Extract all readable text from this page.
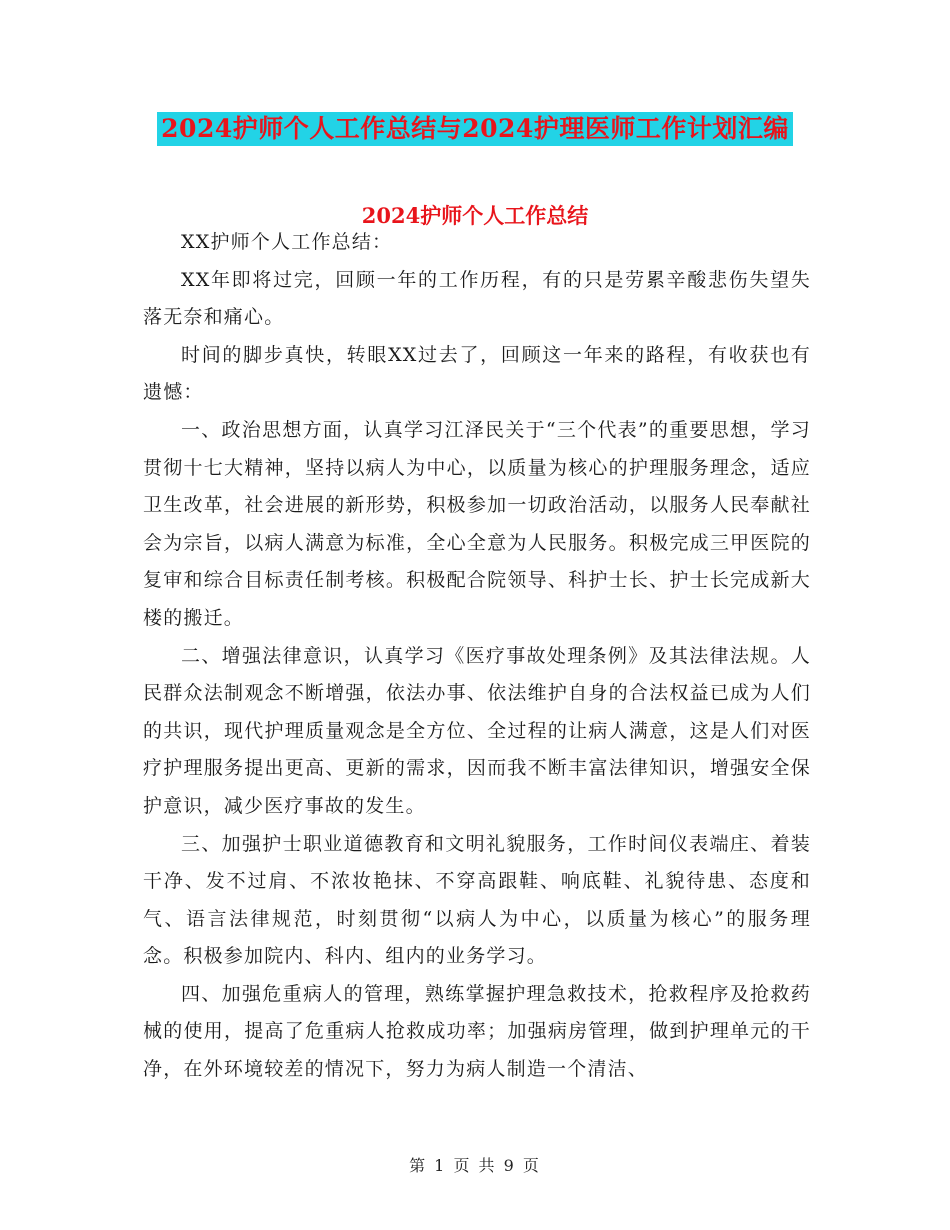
2024护师个人工作总结与2024护理医师工作计划汇编
2024护师个人工作总结

XX护师个人工作总结：

XX年即将过完，回顾一年的工作历程，有的只是劳累辛酸悲伤失望失落无奈和痛心。

时间的脚步真快，转眼XX过去了，回顾这一年来的路程，有收获也有遗憾：

一、政治思想方面，认真学习江泽民关于“三个代表”的重要思想，学习贯彻十七大精神，坚持以病人为中心，以质量为核心的护理服务理念，适应卫生改革，社会进展的新形势，积极参加一切政治活动，以服务人民奉献社会为宗旨，以病人满意为标准，全心全意为人民服务。积极完成三甲医院的复审和综合目标责任制考核。积极配合院领导、科护士长、护士长完成新大楼的搬迁。

二、增强法律意识，认真学习《医疗事故处理条例》及其法律法规。人民群众法制观念不断增强，依法办事、依法维护自身的合法权益已成为人们的共识，现代护理质量观念是全方位、全过程的让病人满意，这是人们对医疗护理服务提出更高、更新的需求，因而我不断丰富法律知识，增强安全保护意识，减少医疗事故的发生。

三、加强护士职业道德教育和文明礼貌服务，工作时间仪表端庄、着装干净、发不过肩、不浓妆艳抹、不穿高跟鞋、响底鞋、礼貌待患、态度和气、语言法律规范，时刻贯彻“以病人为中心，以质量为核心”的服务理念。积极参加院内、科内、组内的业务学习。

四、加强危重病人的管理，熟练掌握护理急救技术，抢救程序及抢救药械的使用，提高了危重病人抢救成功率；加强病房管理，做到护理单元的干净，在外环境较差的情况下，努力为病人制造一个清洁、

第 1 页 共 9 页
